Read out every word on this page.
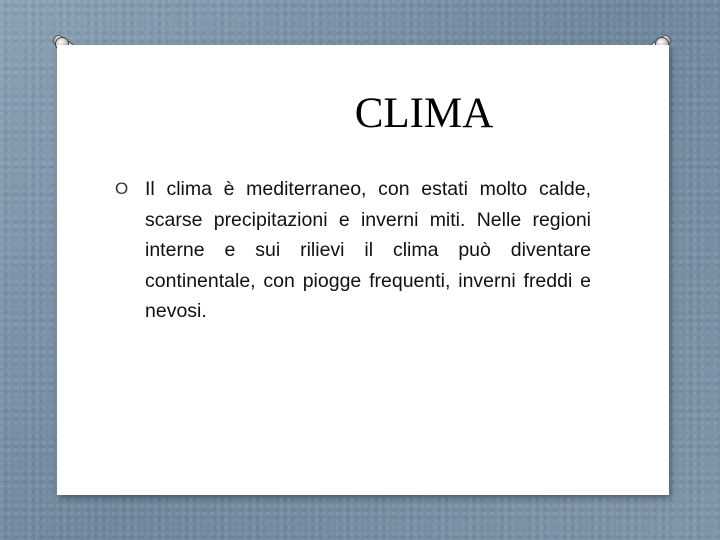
CLIMA
O Il clima è mediterraneo, con estati molto calde, scarse precipitazioni e inverni miti. Nelle regioni interne e sui rilievi il clima può diventare continentale, con piogge frequenti, inverni freddi e nevosi.
